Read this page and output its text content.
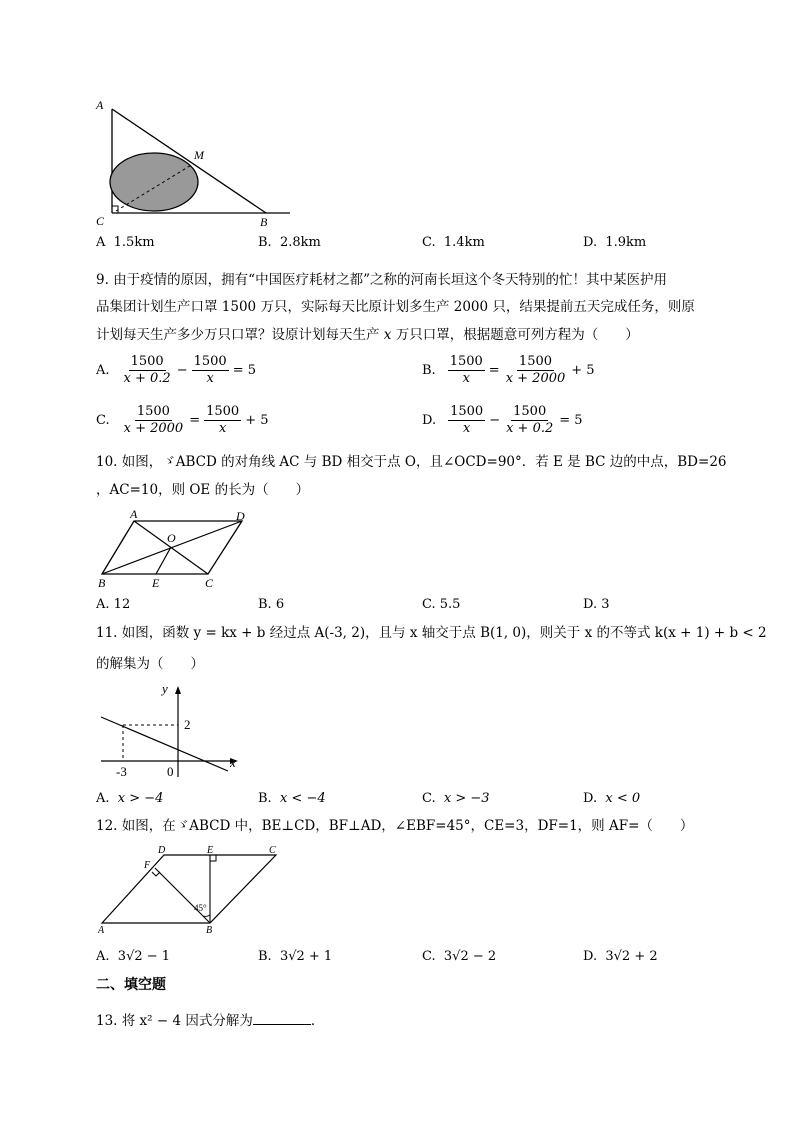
A
M
C	B
A 1.5km	B. 2.8km	C. 1.4km	D. 1.9km
9. 由于疫情的原因，拥有“中国医疗耗材之都”之称的河南长垣这个冬天特别的忙！其中某医护用
品集团计划生产口罩 1500 万只，实际每天比原计划多生产 2000 只，结果提前五天完成任务，则原
计划每天生产多少万只口罩？设原计划每天生产 x 万只口罩，根据题意可列方程为（　　）
A. $\frac{1500}{x + 0.2} - \frac{1500}{x} = 5$	B. $\frac{1500}{x} = \frac{1500}{x + 2000} + 5$
C. $\frac{1500}{x + 2000} = \frac{1500}{x} + 5$	D. $\frac{1500}{x} - \frac{1500}{x + 0.2} = 5$
10. 如图，ゞABCD 的对角线 AC 与 BD 相交于点 O，且∠OCD=90°．若 E 是 BC 边的中点，BD=26
，AC=10，则 OE 的长为（　　）
A	D
O
B	E	C
A. 12	B. 6	C. 5.5	D. 3
11. 如图，函数 y = kx + b 经过点 A(-3, 2)，且与 x 轴交于点 B(1, 0)，则关于 x 的不等式 k(x + 1) + b < 2
的解集为（　　）
y
x
2
-3	0
A. x > −4	B. x < −4	C. x > −3	D. x < 0
12. 如图，在ゞABCD 中，BE⊥CD，BF⊥AD，∠EBF=45°，CE=3，DF=1，则 AF=（　　）
D	E	C
F
A	B
45°
A. 3√2 − 1	B. 3√2 + 1	C. 3√2 − 2	D. 3√2 + 2
二、填空题
13. 将 x² − 4 因式分解为	．
